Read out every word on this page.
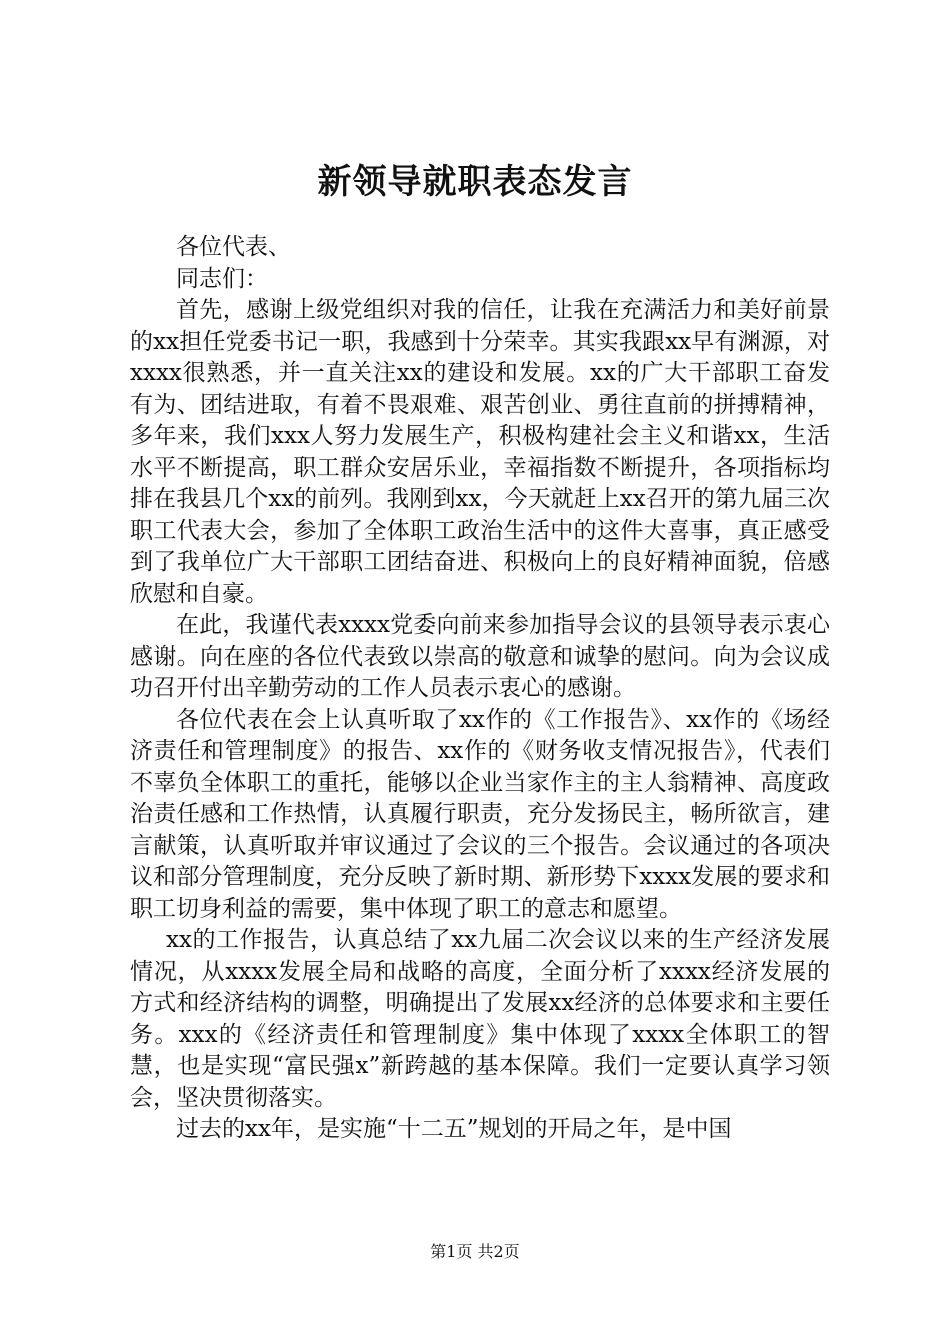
新领导就职表态发言

各位代表、

同志们：

首先，感谢上级党组织对我的信任，让我在充满活力和美好前景的xx担任党委书记一职，我感到十分荣幸。其实我跟xx早有渊源，对xxxx很熟悉，并一直关注xx的建设和发展。xx的广大干部职工奋发有为、团结进取，有着不畏艰难、艰苦创业、勇往直前的拼搏精神，多年来，我们xxx人努力发展生产，积极构建社会主义和谐xx，生活水平不断提高，职工群众安居乐业，幸福指数不断提升，各项指标均排在我县几个xx的前列。我刚到xx，今天就赶上xx召开的第九届三次职工代表大会，参加了全体职工政治生活中的这件大喜事，真正感受到了我单位广大干部职工团结奋进、积极向上的良好精神面貌，倍感欣慰和自豪。

在此，我谨代表xxxx党委向前来参加指导会议的县领导表示衷心感谢。向在座的各位代表致以崇高的敬意和诚挚的慰问。向为会议成功召开付出辛勤劳动的工作人员表示衷心的感谢。

各位代表在会上认真听取了xx作的《工作报告》、xx作的《场经济责任和管理制度》的报告、xx作的《财务收支情况报告》，代表们不辜负全体职工的重托，能够以企业当家作主的主人翁精神、高度政治责任感和工作热情，认真履行职责，充分发扬民主，畅所欲言，建言献策，认真听取并审议通过了会议的三个报告。会议通过的各项决议和部分管理制度，充分反映了新时期、新形势下xxxx发展的要求和职工切身利益的需要，集中体现了职工的意志和愿望。

xx的工作报告，认真总结了xx九届二次会议以来的生产经济发展情况，从xxxx发展全局和战略的高度，全面分析了xxxx经济发展的方式和经济结构的调整，明确提出了发展xx经济的总体要求和主要任务。xxx的《经济责任和管理制度》集中体现了xxxx全体职工的智慧，也是实现“富民强x”新跨越的基本保障。我们一定要认真学习领会，坚决贯彻落实。

过去的xx年，是实施“十二五”规划的开局之年，是中国

第1页 共2页
